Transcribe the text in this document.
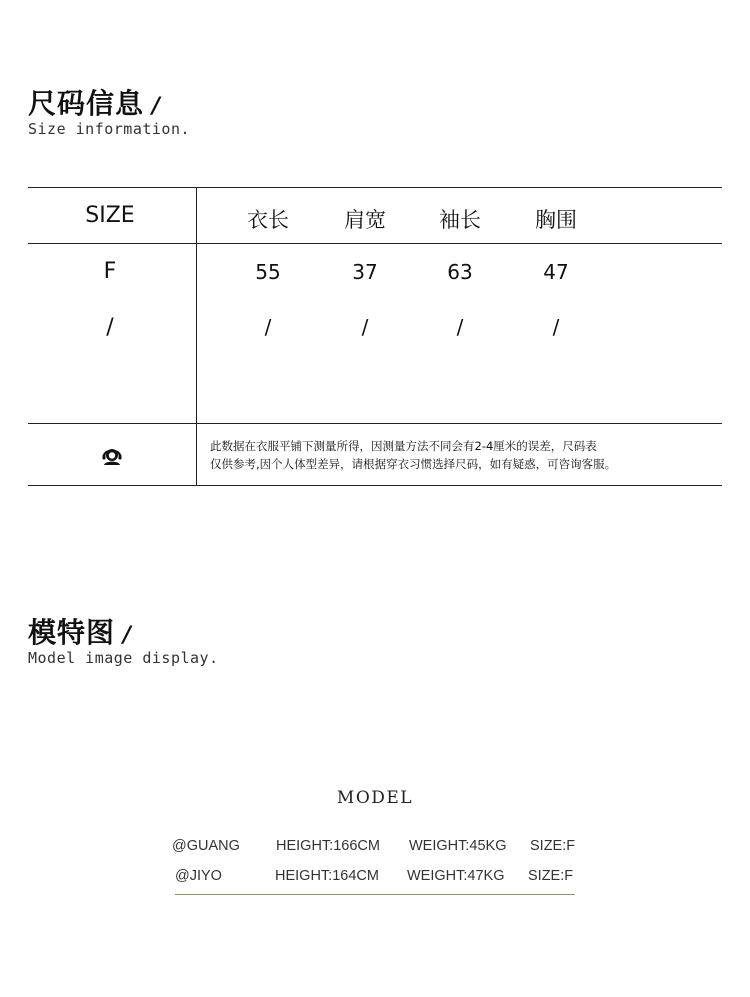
尺码信息 /
Size information.
SIZE	衣长	肩宽	袖长	胸围
F	55	37	63	47
/	/	/	/	/
此数据在衣服平铺下测量所得，因测量方法不同会有2-4厘米的误差，尺码表
仅供参考,因个人体型差异，请根据穿衣习惯选择尺码，如有疑惑，可咨询客服。
模特图 /
Model image display.
MODEL
@GUANG HEIGHT:166CM WEIGHT:45KG SIZE:F
@JIYO	HEIGHT:164CM WEIGHT:47KG SIZE:F
